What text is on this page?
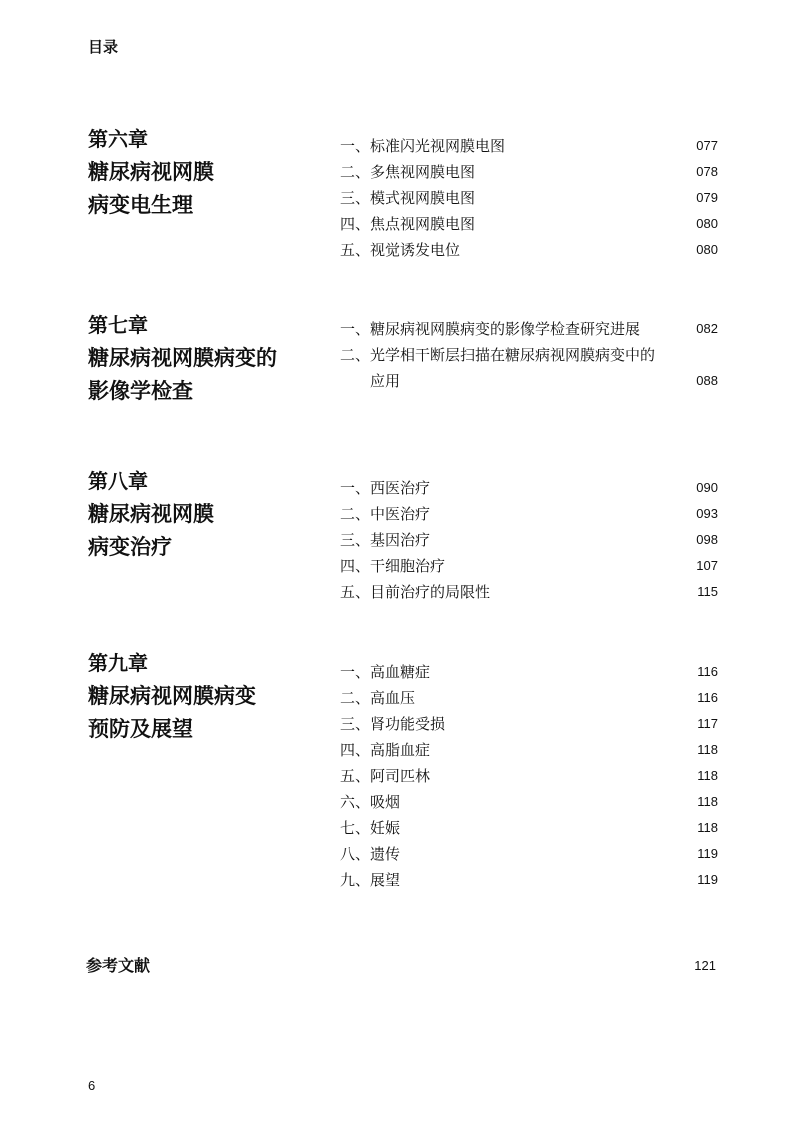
目录
第六章
糖尿病视网膜
病变电生理
一、标准闪光视网膜电图	077
二、多焦视网膜电图	078
三、模式视网膜电图	079
四、焦点视网膜电图	080
五、视觉诱发电位	080
第七章
糖尿病视网膜病变的
影像学检查
一、糖尿病视网膜病变的影像学检查研究进展	082
二、光学相干断层扫描在糖尿病视网膜病变中的
应用	088
第八章
糖尿病视网膜
病变治疗
一、西医治疗	090
二、中医治疗	093
三、基因治疗	098
四、干细胞治疗	107
五、目前治疗的局限性	115
第九章
糖尿病视网膜病变
预防及展望
一、高血糖症	116
二、高血压	116
三、肾功能受损	117
四、高脂血症	118
五、阿司匹林	118
六、吸烟	118
七、妊娠	118
八、遗传	119
九、展望	119
参考文献	121
6
